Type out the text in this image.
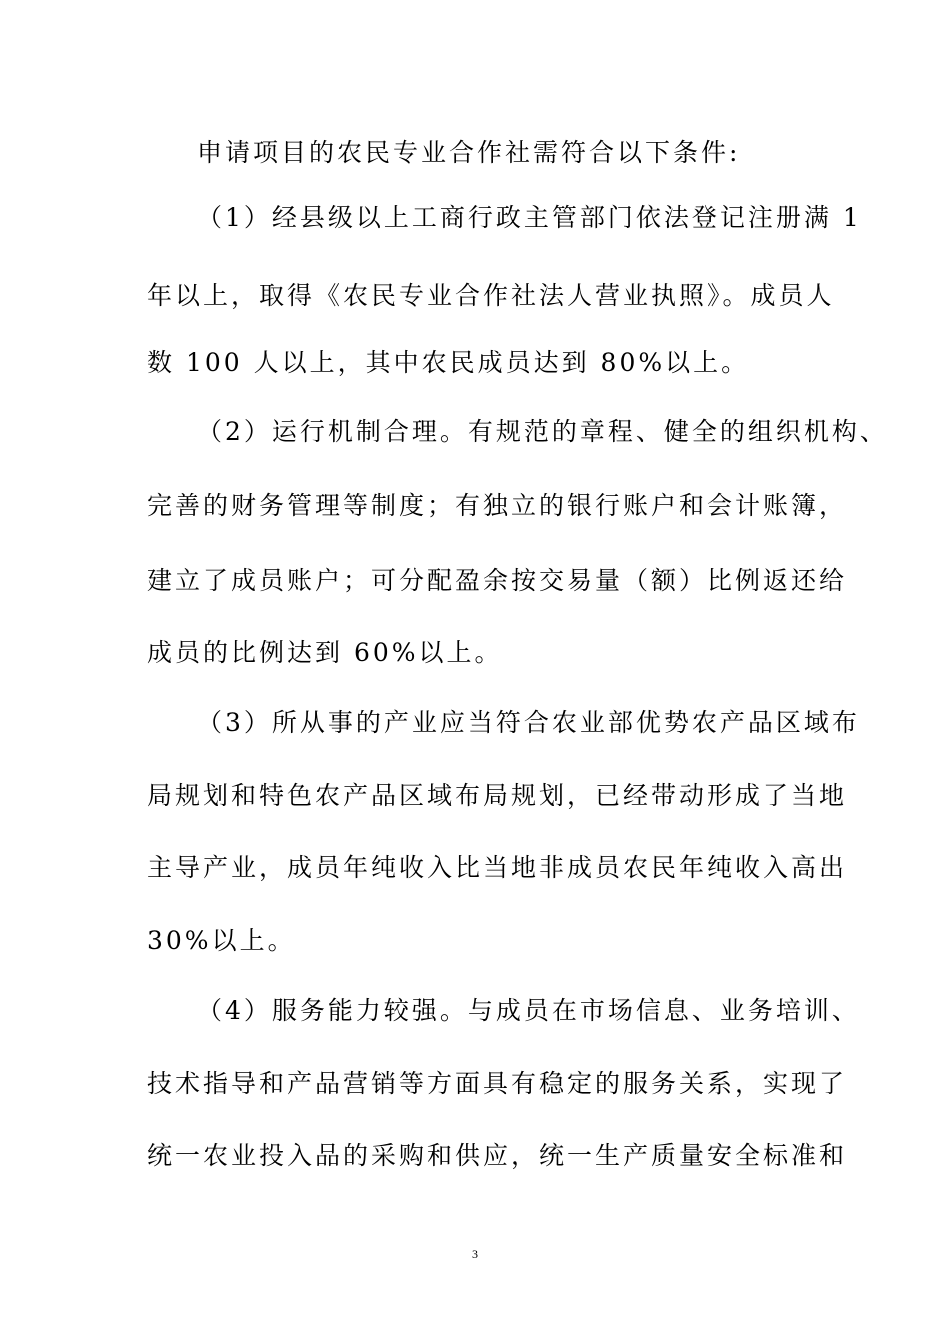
申请项目的农民专业合作社需符合以下条件:
（1）经县级以上工商行政主管部门依法登记注册满 1
年以上，取得《农民专业合作社法人营业执照》。成员人
数 100 人以上，其中农民成员达到 80%以上。
（2）运行机制合理。有规范的章程、健全的组织机构、
完善的财务管理等制度；有独立的银行账户和会计账簿，
建立了成员账户；可分配盈余按交易量（额）比例返还给
成员的比例达到 60%以上。
（3）所从事的产业应当符合农业部优势农产品区域布
局规划和特色农产品区域布局规划，已经带动形成了当地
主导产业，成员年纯收入比当地非成员农民年纯收入高出
30%以上。
（4）服务能力较强。与成员在市场信息、业务培训、
技术指导和产品营销等方面具有稳定的服务关系，实现了
统一农业投入品的采购和供应，统一生产质量安全标准和
3
